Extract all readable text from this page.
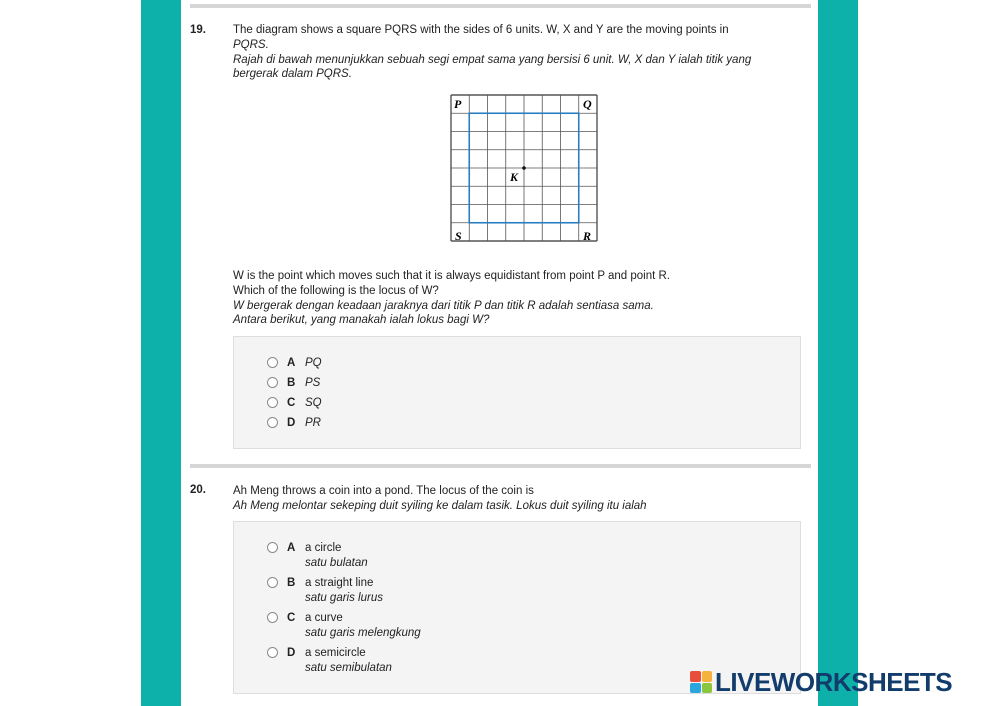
19. The diagram shows a square PQRS with the sides of 6 units. W, X and Y are the moving points in
PQRS.
Rajah di bawah menunjukkan sebuah segi empat sama yang bersisi 6 unit. W, X dan Y ialah titik yang
bergerak dalam PQRS.
P	Q
S	R
K
W is the point which moves such that it is always equidistant from point P and point R.
Which of the following is the locus of W?
W bergerak dengan keadaan jaraknya dari titik P dan titik R adalah sentiasa sama.
Antara berikut, yang manakah ialah lokus bagi W?
A PQ
B PS
C SQ
D PR
20. Ah Meng throws a coin into a pond. The locus of the coin is
Ah Meng melontar sekeping duit syiling ke dalam tasik. Lokus duit syiling itu ialah
A a circle
satu bulatan
B a straight line
satu garis lurus
C a curve
satu garis melengkung
D a semicircle
satu semibulatan	LIVEWORKSHEETS
